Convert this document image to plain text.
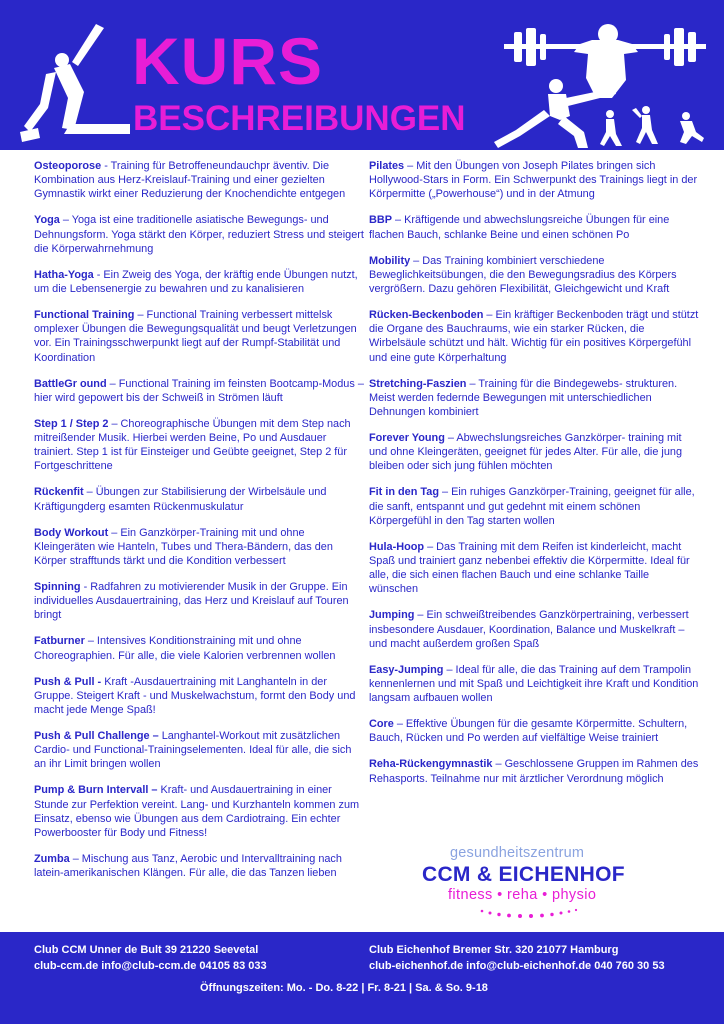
KURS
BESCHREIBUNGEN
Osteoporose - Training für Betroffeneundauchpr äventiv. Die Kombination aus Herz-Kreislauf-Training und einer gezielten Gymnastik wirkt einer Reduzierung der Knochendichte entgegen
Yoga – Yoga ist eine traditionelle asiatische Bewegungs- und Dehnungsform. Yoga stärkt den Körper, reduziert Stress und steigert die Körperwahrnehmung
Hatha-Yoga - Ein Zweig des Yoga, der kräftig ende Übungen nutzt, um die Lebensenergie zu bewahren und zu kanalisieren
Functional Training – Functional Training verbessert mittelsk omplexer Übungen die Bewegungsqualität und beugt Verletzungen vor. Ein Trainingsschwerpunkt liegt auf der Rumpf-Stabilität und Koordination
BattleGr ound – Functional Training im feinsten Bootcamp-Modus – hier wird gepowert bis der Schweiß in Strömen läuft
Step 1 / Step 2 – Choreographische Übungen mit dem Step nach mitreißender Musik. Hierbei werden Beine, Po und Ausdauer trainiert. Step 1 ist für Einsteiger und Geübte geeignet, Step 2 für Fortgeschrittene
Rückenfit – Übungen zur Stabilisierung der Wirbelsäule und Kräftigungderg esamten Rückenmuskulatur
Body Workout – Ein Ganzkörper-Training mit und ohne Kleingeräten wie Hanteln, Tubes und Thera-Bändern, das den Körper strafftunds tärkt und die Kondition verbessert
Spinning - Radfahren zu motivierender Musik in der Gruppe. Ein individuelles Ausdauertraining, das Herz und Kreislauf auf Touren bringt
Fatburner – Intensives Konditionstraining mit und ohne Choreographien. Für alle, die viele Kalorien verbrennen wollen
Push & Pull - Kraft -Ausdauertraining mit Langhanteln in der Gruppe. Steigert Kraft - und Muskelwachstum, formt den Body und macht jede Menge Spaß!
Push & Pull Challenge – Langhantel-Workout mit zusätzlichen Cardio- und Functional-Trainingselementen. Ideal für alle, die sich an ihr Limit bringen wollen
Pump & Burn Intervall – Kraft- und Ausdauertraining in einer Stunde zur Perfektion vereint. Lang- und Kurzhanteln kommen zum Einsatz, ebenso wie Übungen aus dem Cardiotraing. Ein echter Powerbooster für Body und Fitness!
Zumba – Mischung aus Tanz, Aerobic und Intervalltraining nach latein-amerikanischen Klängen. Für alle, die das Tanzen lieben
Pilates – Mit den Übungen von Joseph Pilates bringen sich Hollywood-Stars in Form. Ein Schwerpunkt des Trainings liegt in der Körpermitte („Powerhouse“) und in der Atmung
BBP – Kräftigende und abwechslungsreiche Übungen für eine flachen Bauch, schlanke Beine und einen schönen Po
Mobility – Das Training kombiniert verschiedene Beweglichkeitsübungen, die den Bewegungsradius des Körpers vergrößern. Dazu gehören Flexibilität, Gleichgewicht und Kraft
Rücken-Beckenboden – Ein kräftiger Beckenboden trägt und stützt die Organe des Bauchraums, wie ein starker Rücken, die Wirbelsäule schützt und hält. Wichtig für ein positives Körpergefühl und eine gute Körperhaltung
Stretching-Faszien – Training für die Bindegewebs- strukturen. Meist werden federnde Bewegungen mit unterschiedlichen Dehnungen kombiniert
Forever Young – Abwechslungsreiches Ganzkörper- training mit und ohne Kleingeräten, geeignet für jedes Alter. Für alle, die jung bleiben oder sich jung fühlen möchten
Fit in den Tag – Ein ruhiges Ganzkörper-Training, geeignet für alle, die sanft, entspannt und gut gedehnt mit einem schönen Körpergefühl in den Tag starten wollen
Hula-Hoop – Das Training mit dem Reifen ist kinderleicht, macht Spaß und trainiert ganz nebenbei effektiv die Körpermitte. Ideal für alle, die sich einen flachen Bauch und eine schlanke Taille wünschen
Jumping – Ein schweißtreibendes Ganzkörpertraining, verbessert insbesondere Ausdauer, Koordination, Balance und Muskelkraft – und macht außerdem großen Spaß
Easy-Jumping – Ideal für alle, die das Training auf dem Trampolin kennenlernen und mit Spaß und Leichtigkeit ihre Kraft und Kondition langsam aufbauen wollen
Core – Effektive Übungen für die gesamte Körpermitte. Schultern, Bauch, Rücken und Po werden auf vielfältige Weise trainiert
Reha-Rückengymnastik – Geschlossene Gruppen im Rahmen des Rehasports. Teilnahme nur mit ärztlicher Verordnung möglich
gesundheitszentrum
CCM & EICHENHOF
fitness • reha • physio
Club CCM Unner de Bult 39 21220 Seevetal
club-ccm.de info@club-ccm.de 04105 83 033
Club Eichenhof Bremer Str. 320 21077 Hamburg
club-eichenhof.de info@club-eichenhof.de 040 760 30 53
Öffnungszeiten: Mo. - Do. 8-22 | Fr. 8-21 | Sa. & So. 9-18
